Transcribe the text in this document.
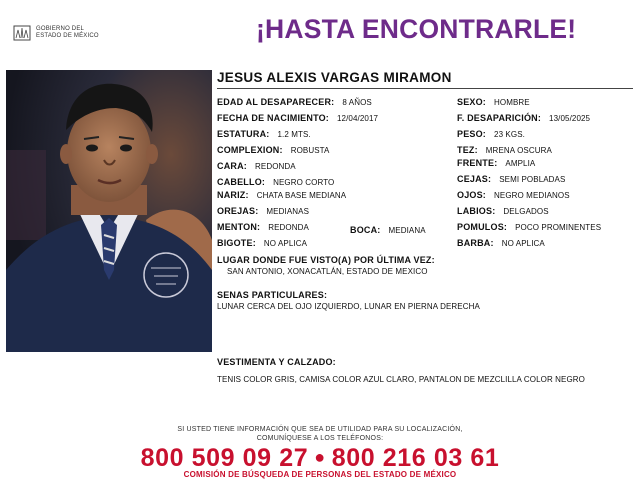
GOBIERNO DEL
ESTADO DE MÉXICO	¡HASTA ENCONTRARLE!
JESUS ALEXIS VARGAS MIRAMON
EDAD AL DESAPARECER: 8 AÑOS
FECHA DE NACIMIENTO: 12/04/2017
ESTATURA: 1.2 MTS.
COMPLEXION: ROBUSTA
CARA: REDONDA
CABELLO: NEGRO CORTO
NARIZ: CHATA BASE MEDIANA
OREJAS: MEDIANAS
MENTON: REDONDA	BOCA: MEDIANA
BIGOTE: NO APLICA
SEXO: HOMBRE
F. DESAPARICIÓN: 13/05/2025
PESO: 23 KGS.
TEZ: MRENA OSCURA
FRENTE: AMPLIA
CEJAS: SEMI POBLADAS
OJOS: NEGRO MEDIANOS
LABIOS: DELGADOS
POMULOS: POCO PROMINENTES
BARBA: NO APLICA
LUGAR DONDE FUE VISTO(A) POR ÚLTIMA VEZ:
SAN ANTONIO, XONACATLÁN, ESTADO DE MEXICO
SENAS PARTICULARES:
LUNAR CERCA DEL OJO IZQUIERDO, LUNAR EN PIERNA DERECHA
VESTIMENTA Y CALZADO:
TENIS COLOR GRIS, CAMISA COLOR AZUL CLARO, PANTALON DE MEZCLILLA COLOR NEGRO
SI USTED TIENE INFORMACIÓN QUE SEA DE UTILIDAD PARA SU LOCALIZACIÓN,
COMUNÍQUESE A LOS TELÉFONOS:
800 509 09 27 ● 800 216 03 61
COMISIÓN DE BÚSQUEDA DE PERSONAS DEL ESTADO DE MÉXICO
